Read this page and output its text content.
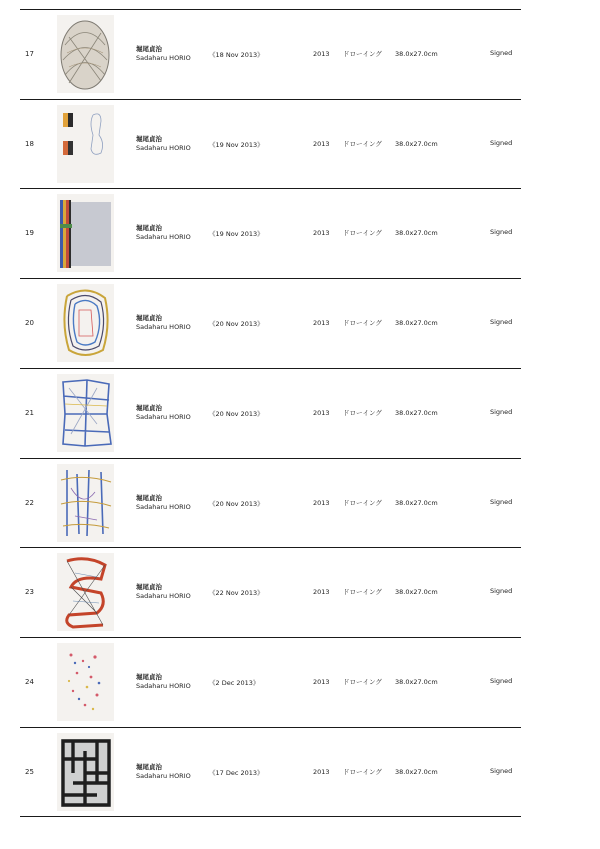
17
堀尾貞治
Sadaharu HORIO	《18 Nov 2013》	2013 ドローイング 38.0x27.0cm	Signed
18
堀尾貞治
Sadaharu HORIO	《19 Nov 2013》	2013 ドローイング 38.0x27.0cm	Signed
19
堀尾貞治
Sadaharu HORIO	《19 Nov 2013》	2013 ドローイング 38.0x27.0cm	Signed
20
堀尾貞治
Sadaharu HORIO	《20 Nov 2013》	2013 ドローイング 38.0x27.0cm	Signed
21
堀尾貞治
Sadaharu HORIO	《20 Nov 2013》	2013 ドローイング 38.0x27.0cm	Signed
22
堀尾貞治
Sadaharu HORIO	《20 Nov 2013》	2013 ドローイング 38.0x27.0cm	Signed
23
堀尾貞治
Sadaharu HORIO	《22 Nov 2013》	2013 ドローイング 38.0x27.0cm	Signed
24
堀尾貞治
Sadaharu HORIO	《2 Dec 2013》	2013 ドローイング 38.0x27.0cm	Signed
25
堀尾貞治
Sadaharu HORIO	《17 Dec 2013》	2013 ドローイング 38.0x27.0cm	Signed
